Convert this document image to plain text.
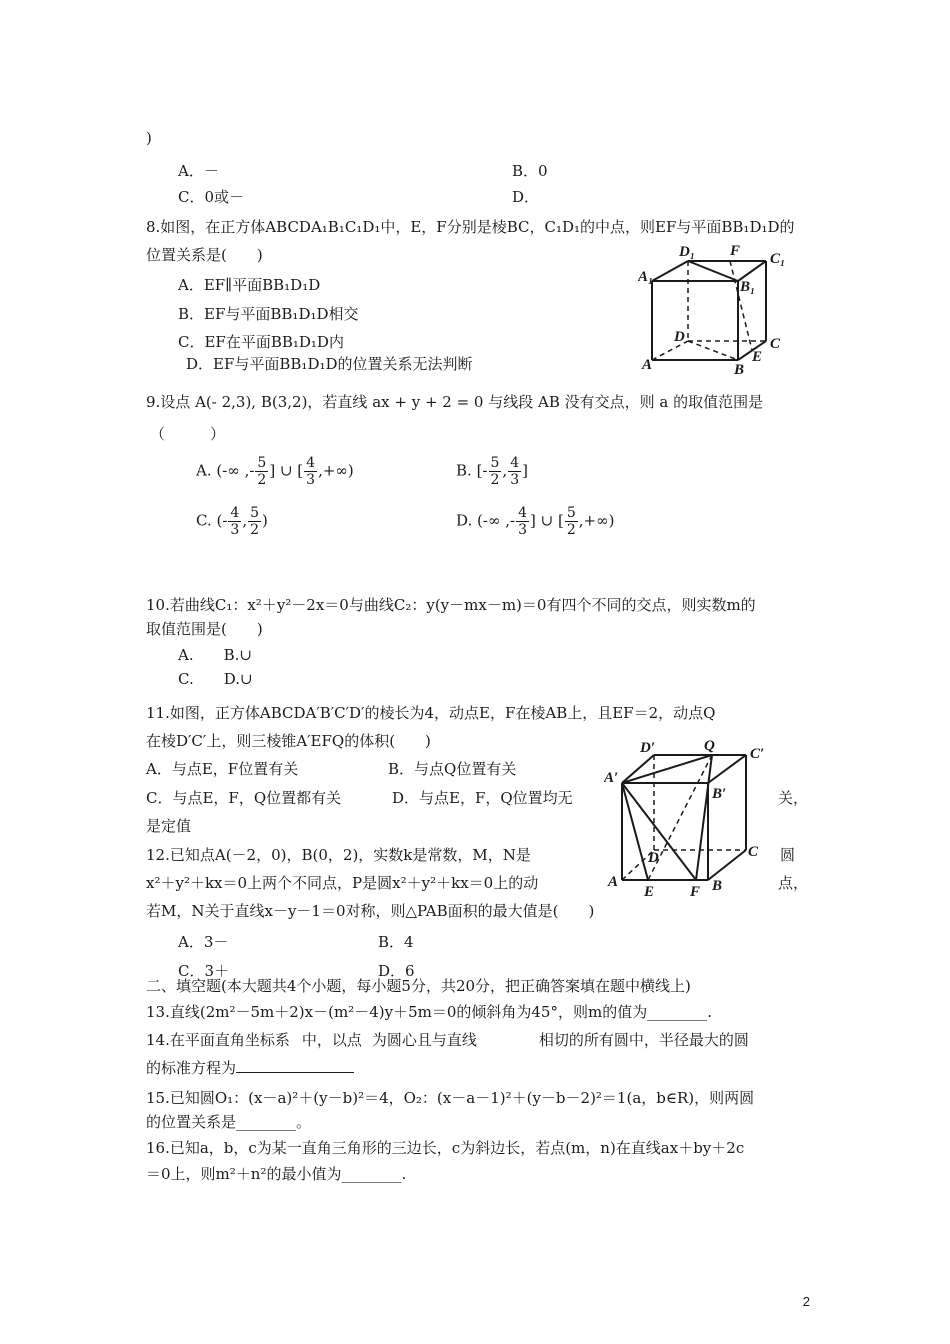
)
A．－	B．0
C．0或－	D．
8.如图，在正方体ABCDA₁B₁C₁D₁中，E，F分别是棱BC，C₁D₁的中点，则EF与平面BB₁D₁D的
位置关系是(　　)
A．EF∥平面BB₁D₁D
B．EF与平面BB₁D₁D相交
C．EF在平面BB₁D₁D内
D．EF与平面BB₁D₁D的位置关系无法判断
D₁ F C₁
A₁
B₁
D	C
E
A	B
9.设点 A(- 2,3), B(3,2)，若直线 ax + y + 2 = 0 与线段 AB 没有交点，则 a 的取值范围是
（　　　）
A. (-∞ ,- $\frac{5}{2}$ ] ∪ [ $\frac{4}{3}$ ,+∞)	B. [- $\frac{5}{2}$ , $\frac{4}{3}$ ]
C. (- $\frac{4}{3}$ , $\frac{5}{2}$ )	D. (-∞ ,- $\frac{4}{3}$ ] ∪ [ $\frac{5}{2}$ ,+∞)
10.若曲线C₁：x²＋y²－2x＝0与曲线C₂：y(y－mx－m)＝0有四个不同的交点，则实数m的
取值范围是(　　)
A.　　B.∪
C.　　D.∪
11.如图，正方体ABCDA′B′C′D′的棱长为4，动点E，F在棱AB上，且EF＝2，动点Q
在棱D′C′上，则三棱锥A′EFQ的体积(　　)
A．与点E，F位置有关	B．与点Q位置有关
C．与点E，F，Q位置都有关	D．与点E，F，Q位置均无	关，
是定值
D′	Q C′
A′
B′
D	C
A
E F B
12.已知点A(－2，0)，B(0，2)，实数k是常数，M，N是	圆
x²＋y²＋kx＝0上两个不同点，P是圆x²＋y²＋kx＝0上的动	点，
若M，N关于直线x－y－1＝0对称，则△PAB面积的最大值是(　　)
A．3－	B．4
C．3＋	D．6
二、填空题(本大题共4个小题，每小题5分，共20分，把正确答案填在题中横线上)
13.直线(2m²－5m＋2)x－(m²－4)y＋5m＝0的倾斜角为45°，则m的值为________.
14.在平面直角坐标系 中，以点 为圆心且与直线	相切的所有圆中，半径最大的圆
的标准方程为
15.已知圆O₁：(x－a)²＋(y－b)²＝4，O₂：(x－a－1)²＋(y－b－2)²＝1(a，b∈R)，则两圆
的位置关系是________。
16.已知a，b，c为某一直角三角形的三边长，c为斜边长，若点(m，n)在直线ax＋by＋2c
＝0上，则m²＋n²的最小值为________.
2
